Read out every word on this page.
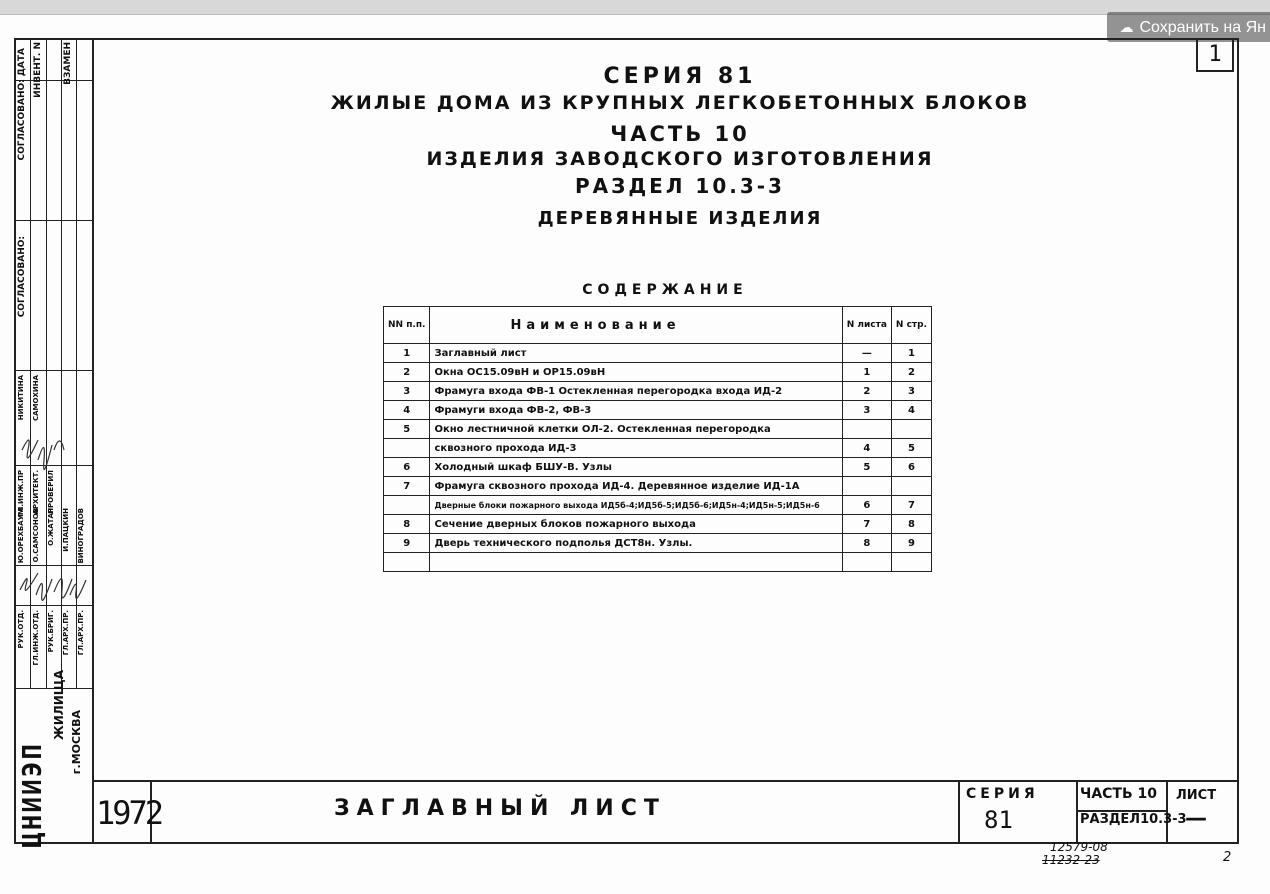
☁ Сохранить на Ян
1
СЕРИЯ 81
ЖИЛЫЕ ДОМА ИЗ КРУПНЫХ ЛЕГКОБЕТОННЫХ БЛОКОВ
ЧАСТЬ 10
ИЗДЕЛИЯ ЗАВОДСКОГО ИЗГОТОВЛЕНИЯ
РАЗДЕЛ 10.3-3
ДЕРЕВЯННЫЕ ИЗДЕЛИЯ
СОДЕРЖАНИЕ
NN п.п.	Наименование	N листа	N стр.
1	Заглавный лист	—	1
2	Окна ОС15.09вН и ОР15.09вН	1	2
3	Фрамуга входа ФВ-1 Остекленная перегородка входа ИД-2	2	3
4	Фрамуги входа ФВ-2, ФВ-3	3	4
5	Окно лестничной клетки ОЛ-2. Остекленная перегородка		
	сквозного прохода ИД-3	4	5
6	Холодный шкаф БШУ-В. Узлы	5	6
7	Фрамуга сквозного прохода ИД-4. Деревянное изделие ИД-1А		
	Дверные блоки пожарного выхода ИД5б-4;ИД5б-5;ИД5б-6;ИД5н-4;ИД5н-5;ИД5н-6	6	7
8	Сечение дверных блоков пожарного выхода	7	8
9	Дверь технического подполья ДСТ8н. Узлы.	8	9

СОГЛАСОВАНО: ДАТА
СОГЛАСОВАНО:
ИНВЕНТ. N ВЗАМЕН
РУК.ОТД. ГЛ.ИНЖ.ОТД. РУК.БРИГ. ГЛ.АРХ.ПР. ГЛ.АРХ.ПР.
Ю.ОРЕХБАУМ О.САМСОНОВ О.ЖАТАР И.ПАЦКИН ВИНОГРАДОВ
ГЛ.ИНЖ.ПР АРХИТЕКТ. ПРОВЕРИЛ
НИКИТИНА САМОХИНА
ЦНИИЭП
ЖИЛИЩА
г.МОСКВА
1972	ЗАГЛАВНЫЙ ЛИСТ
СЕРИЯ
81
ЧАСТЬ 10
РАЗДЕЛ10.3-3
ЛИСТ
—
12579-08
11232-23	2
